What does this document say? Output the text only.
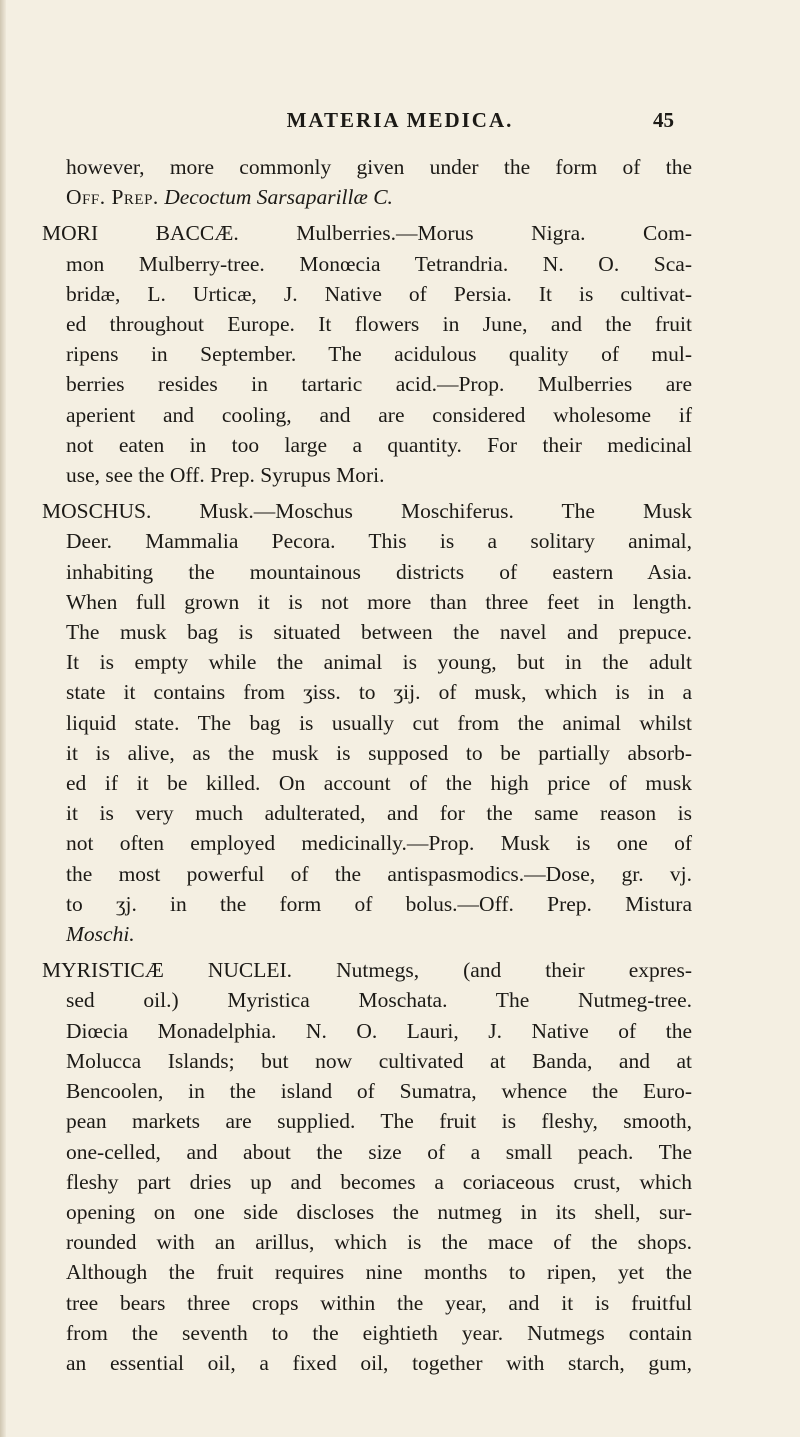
MATERIA MEDICA.	45
however, more commonly given under the form of the
Off. Prep. Decoctum Sarsaparillæ C.
MORI BACCÆ. Mulberries.—Morus Nigra. Com-
mon Mulberry-tree. Monœcia Tetrandria. N. O. Sca-
bridæ, L. Urticæ, J. Native of Persia. It is cultivat-
ed throughout Europe. It flowers in June, and the fruit
ripens in September. The acidulous quality of mul-
berries resides in tartaric acid.—Prop. Mulberries are
aperient and cooling, and are considered wholesome if
not eaten in too large a quantity. For their medicinal
use, see the Off. Prep. Syrupus Mori.
MOSCHUS. Musk.—Moschus Moschiferus. The Musk
Deer. Mammalia Pecora. This is a solitary animal,
inhabiting the mountainous districts of eastern Asia.
When full grown it is not more than three feet in length.
The musk bag is situated between the navel and prepuce.
It is empty while the animal is young, but in the adult
state it contains from ʒiss. to ʒij. of musk, which is in a
liquid state. The bag is usually cut from the animal whilst
it is alive, as the musk is supposed to be partially absorb-
ed if it be killed. On account of the high price of musk
it is very much adulterated, and for the same reason is
not often employed medicinally.—Prop. Musk is one of
the most powerful of the antispasmodics.—Dose, gr. vj.
to ʒj. in the form of bolus.—Off. Prep. Mistura
Moschi.
MYRISTICÆ NUCLEI. Nutmegs, (and their expres-
sed oil.) Myristica Moschata. The Nutmeg-tree.
Diœcia Monadelphia. N. O. Lauri, J. Native of the
Molucca Islands; but now cultivated at Banda, and at
Bencoolen, in the island of Sumatra, whence the Euro-
pean markets are supplied. The fruit is fleshy, smooth,
one-celled, and about the size of a small peach. The
fleshy part dries up and becomes a coriaceous crust, which
opening on one side discloses the nutmeg in its shell, sur-
rounded with an arillus, which is the mace of the shops.
Although the fruit requires nine months to ripen, yet the
tree bears three crops within the year, and it is fruitful
from the seventh to the eightieth year. Nutmegs contain
an essential oil, a fixed oil, together with starch, gum,
